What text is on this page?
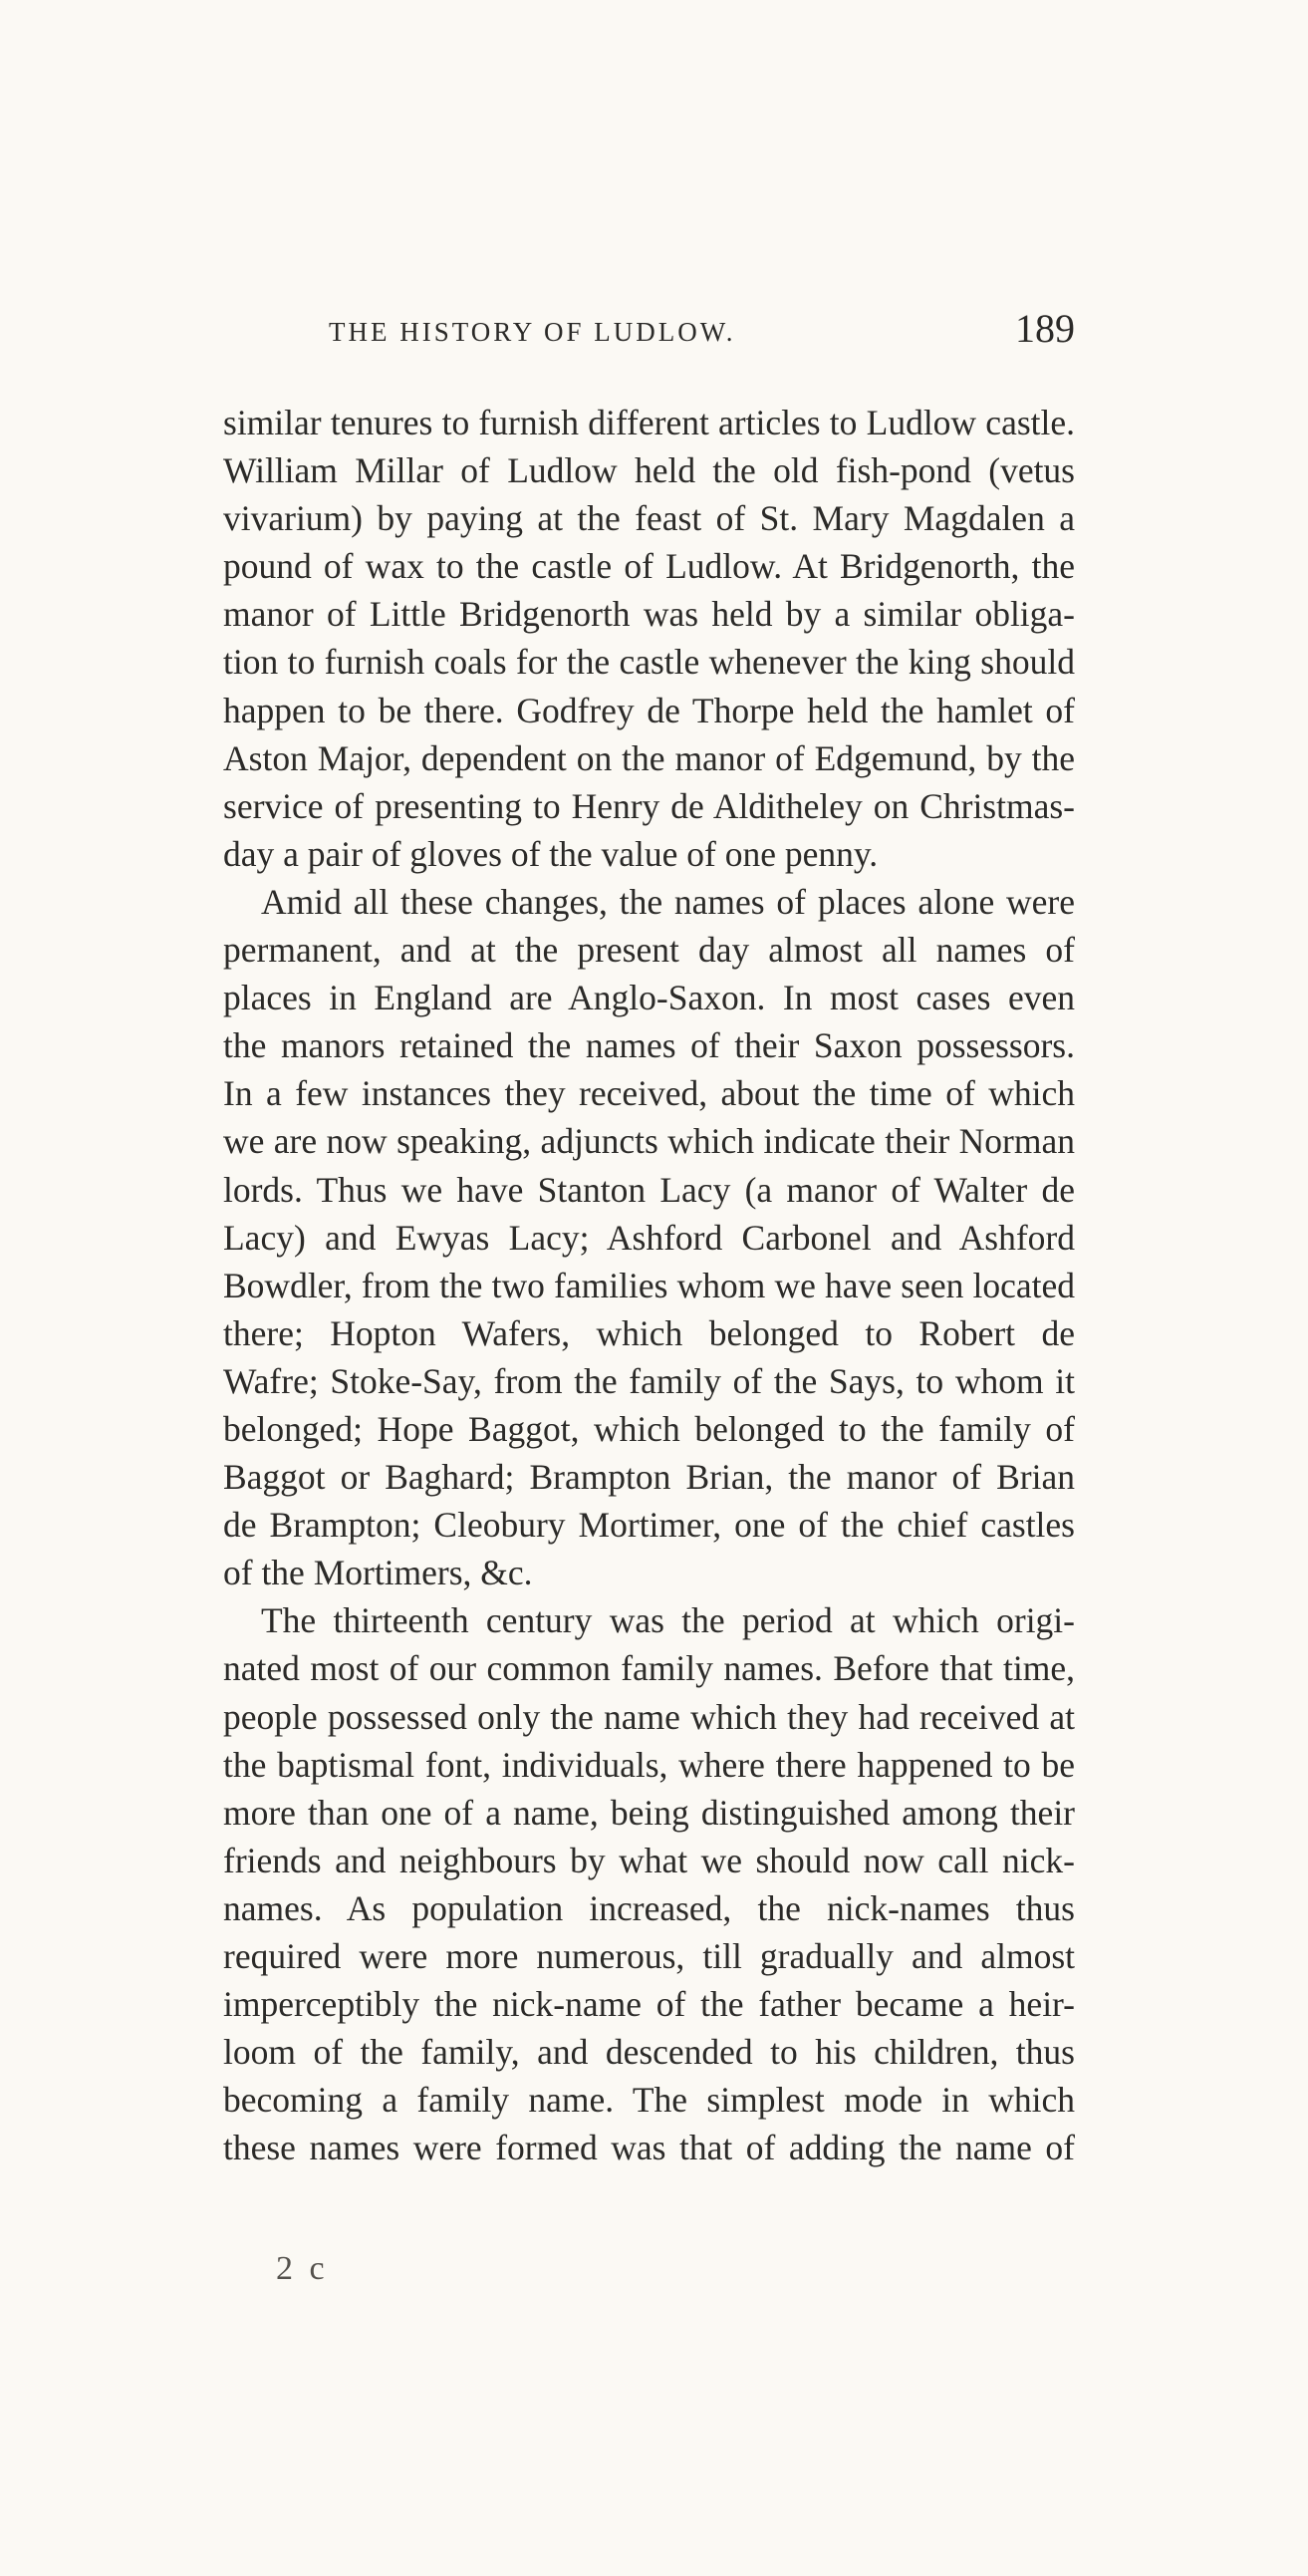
THE HISTORY OF LUDLOW.	189
similar tenures to furnish different articles to Ludlow castle.
William Millar of Ludlow held the old fish-pond (vetus
vivarium) by paying at the feast of St. Mary Magdalen a
pound of wax to the castle of Ludlow. At Bridgenorth, the
manor of Little Bridgenorth was held by a similar obliga-
tion to furnish coals for the castle whenever the king should
happen to be there. Godfrey de Thorpe held the hamlet of
Aston Major, dependent on the manor of Edgemund, by the
service of presenting to Henry de Alditheley on Christmas-
day a pair of gloves of the value of one penny.
Amid all these changes, the names of places alone were
permanent, and at the present day almost all names of
places in England are Anglo-Saxon. In most cases even
the manors retained the names of their Saxon possessors.
In a few instances they received, about the time of which
we are now speaking, adjuncts which indicate their Norman
lords. Thus we have Stanton Lacy (a manor of Walter de
Lacy) and Ewyas Lacy; Ashford Carbonel and Ashford
Bowdler, from the two families whom we have seen located
there; Hopton Wafers, which belonged to Robert de
Wafre; Stoke-Say, from the family of the Says, to whom it
belonged; Hope Baggot, which belonged to the family of
Baggot or Baghard; Brampton Brian, the manor of Brian
de Brampton; Cleobury Mortimer, one of the chief castles
of the Mortimers, &c.
The thirteenth century was the period at which origi-
nated most of our common family names. Before that time,
people possessed only the name which they had received at
the baptismal font, individuals, where there happened to be
more than one of a name, being distinguished among their
friends and neighbours by what we should now call nick-
names. As population increased, the nick-names thus
required were more numerous, till gradually and almost
imperceptibly the nick-name of the father became a heir-
loom of the family, and descended to his children, thus
becoming a family name. The simplest mode in which
these names were formed was that of adding the name of
2 c
